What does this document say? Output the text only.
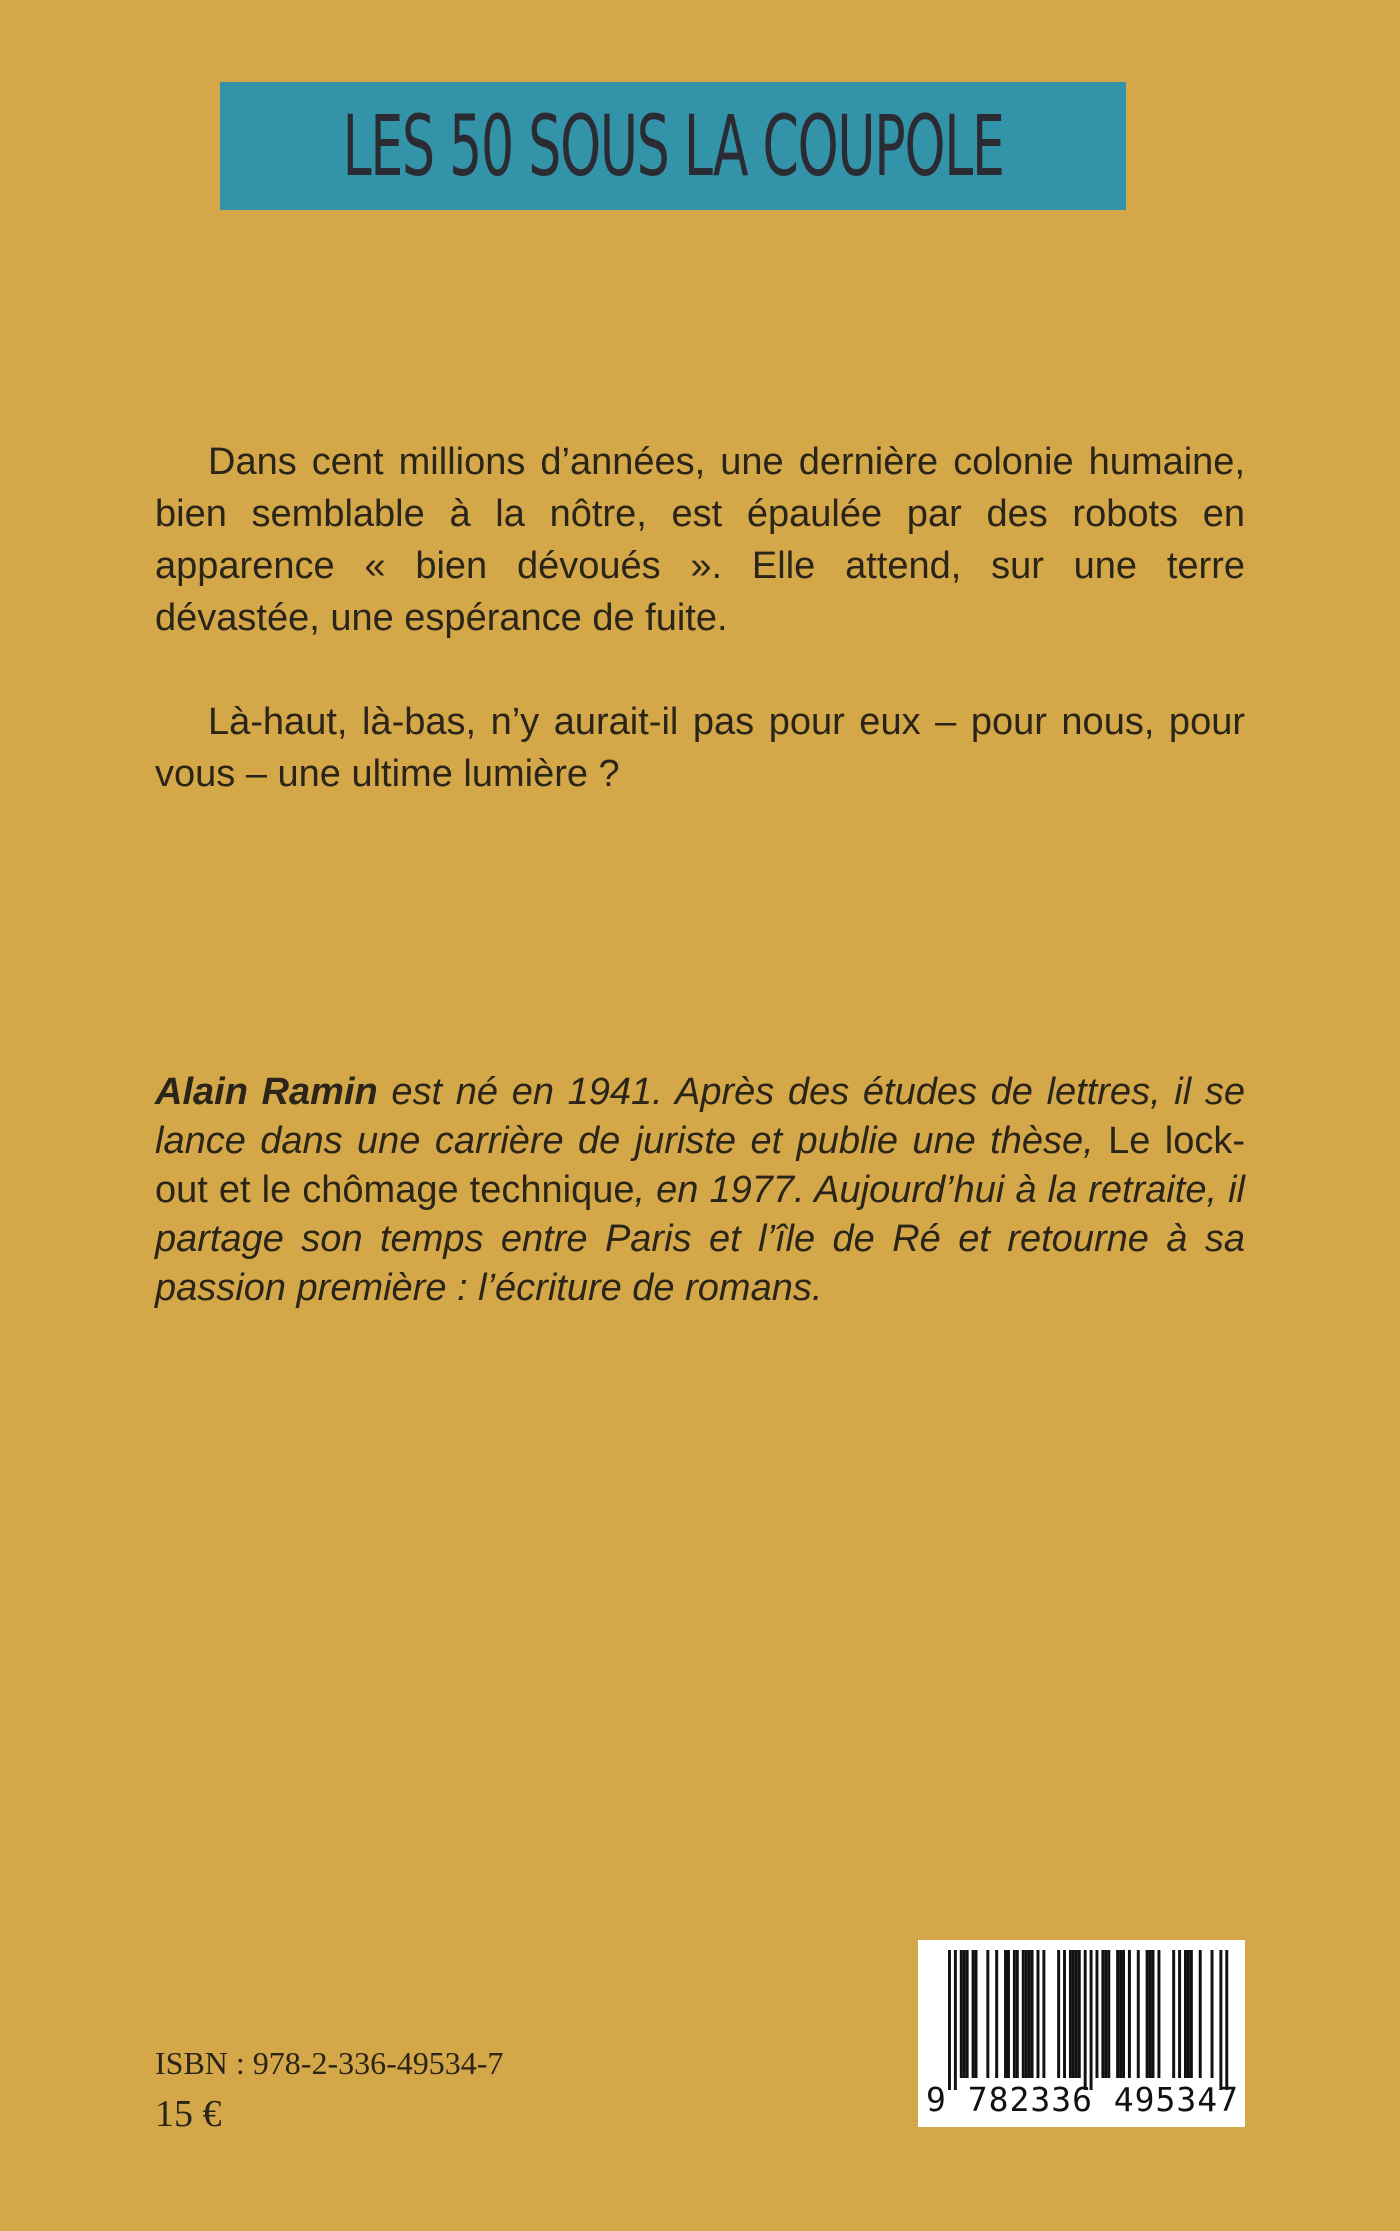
LES 50 SOUS LA COUPOLE

Dans cent millions d’années, une dernière colonie humaine, bien semblable à la nôtre, est épaulée par des robots en apparence « bien dévoués ». Elle attend, sur une terre dévastée, une espérance de fuite.

Là-haut, là-bas, n’y aurait-il pas pour eux – pour nous, pour vous – une ultime lumière ?

Alain Ramin est né en 1941. Après des études de lettres, il se lance dans une carrière de juriste et publie une thèse, Le lock-out et le chômage technique, en 1977. Aujourd’hui à la retraite, il partage son temps entre Paris et l’île de Ré et retourne à sa passion première : l’écriture de romans.
9 782336 495347
ISBN : 978-2-336-49534-7
15 €
